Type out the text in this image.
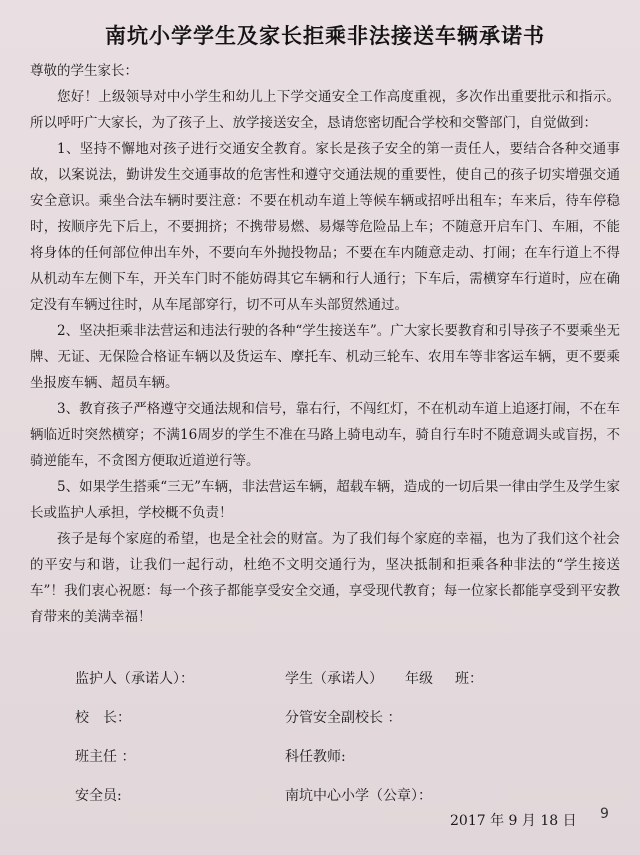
南坑小学学生及家长拒乘非法接送车辆承诺书

尊敬的学生家长：

您好！上级领导对中小学生和幼儿上下学交通安全工作高度重视，多次作出重要批示和指示。所以呼吁广大家长，为了孩子上、放学接送安全，恳请您密切配合学校和交警部门，自觉做到：

1、坚持不懈地对孩子进行交通安全教育。家长是孩子安全的第一责任人，要结合各种交通事故，以案说法，勤讲发生交通事故的危害性和遵守交通法规的重要性，使自己的孩子切实增强交通安全意识。乘坐合法车辆时要注意：不要在机动车道上等候车辆或招呼出租车；车来后，待车停稳时，按顺序先下后上，不要拥挤；不携带易燃、易爆等危险品上车；不随意开启车门、车厢，不能将身体的任何部位伸出车外，不要向车外抛投物品；不要在车内随意走动、打闹；在车行道上不得从机动车左侧下车，开关车门时不能妨碍其它车辆和行人通行；下车后，需横穿车行道时，应在确定没有车辆过往时，从车尾部穿行，切不可从车头部贸然通过。

2、坚决拒乘非法营运和违法行驶的各种“学生接送车”。广大家长要教育和引导孩子不要乘坐无牌、无证、无保险合格证车辆以及货运车、摩托车、机动三轮车、农用车等非客运车辆，更不要乘坐报废车辆、超员车辆。

3、教育孩子严格遵守交通法规和信号，靠右行，不闯红灯，不在机动车道上追逐打闹，不在车辆临近时突然横穿；不满16周岁的学生不准在马路上骑电动车，骑自行车时不随意调头或盲拐，不骑逆能车，不贪图方便取近道逆行等。

5、如果学生搭乘“三无”车辆，非法营运车辆，超载车辆，造成的一切后果一律由学生及学生家长或监护人承担，学校概不负责！

孩子是每个家庭的希望，也是全社会的财富。为了我们每个家庭的幸福，也为了我们这个社会的平安与和谐，让我们一起行动，杜绝不文明交通行为，坚决抵制和拒乘各种非法的“学生接送车”！我们衷心祝愿：每一个孩子都能享受安全交通，享受现代教育；每一位家长都能享受到平安教育带来的美满幸福！

监护人（承诺人）：	学生（承诺人） 年级 班：
校　长：	分管安全副校长 ：
班主任 ：	科任教师:
安全员:	南坑中心小学（公章）：
2017 年 9 月 18 日 9
